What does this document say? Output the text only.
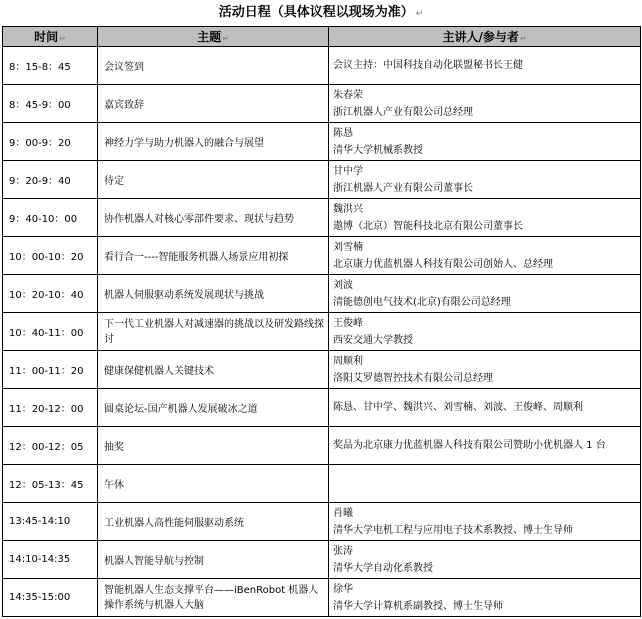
活动日程（具体议程以现场为准） ↵
时间↵	主题↵	主讲人/参与者↵
8：15-8：45	会议签到	会议主持：中国科技自动化联盟秘书长王健

8：45-9：00	嘉宾致辞	朱春荣
浙江机器人产业有限公司总经理

9：00-9：20	神经力学与助力机器人的融合与展望	陈恳
清华大学机械系教授

9：20-9：40	待定	甘中学
浙江机器人产业有限公司董事长

9：40-10：00	协作机器人对核心零部件要求、现状与趋势	魏洪兴
遨博（北京）智能科技北京有限公司董事长

10：00-10：20	看行合一----智能服务机器人场景应用初探	刘雪楠
北京康力优蓝机器人科技有限公司创始人、总经理

10：20-10：40	机器人伺服驱动系统发展现状与挑战	刘波
清能德创电气技术(北京)有限公司总经理

10：40-11：00	下一代工业机器人对减速器的挑战以及研发路线探讨	王俊峰
西安交通大学教授

11：00-11：20	健康保健机器人关键技术	周顺利
洛阳艾罗德智控技术有限公司总经理

11：20-12：00	圆桌论坛-国产机器人发展破冰之道	陈恳、甘中学、魏洪兴、刘雪楠、刘波、王俊峰、周顺利

12：00-12：05	抽奖	奖品为北京康力优蓝机器人科技有限公司赞助小优机器人 1 台

12：05-13：45	午休	

13:45-14:10	工业机器人高性能伺服驱动系统	肖曦
清华大学电机工程与应用电子技术系教授、博士生导师

14:10-14:35	机器人智能导航与控制	张涛
清华大学自动化系教授

14:35-15:00	智能机器人生态支撑平台——iBenRobot 机器人操作系统与机器人大脑	徐华
清华大学计算机系副教授、博士生导师
